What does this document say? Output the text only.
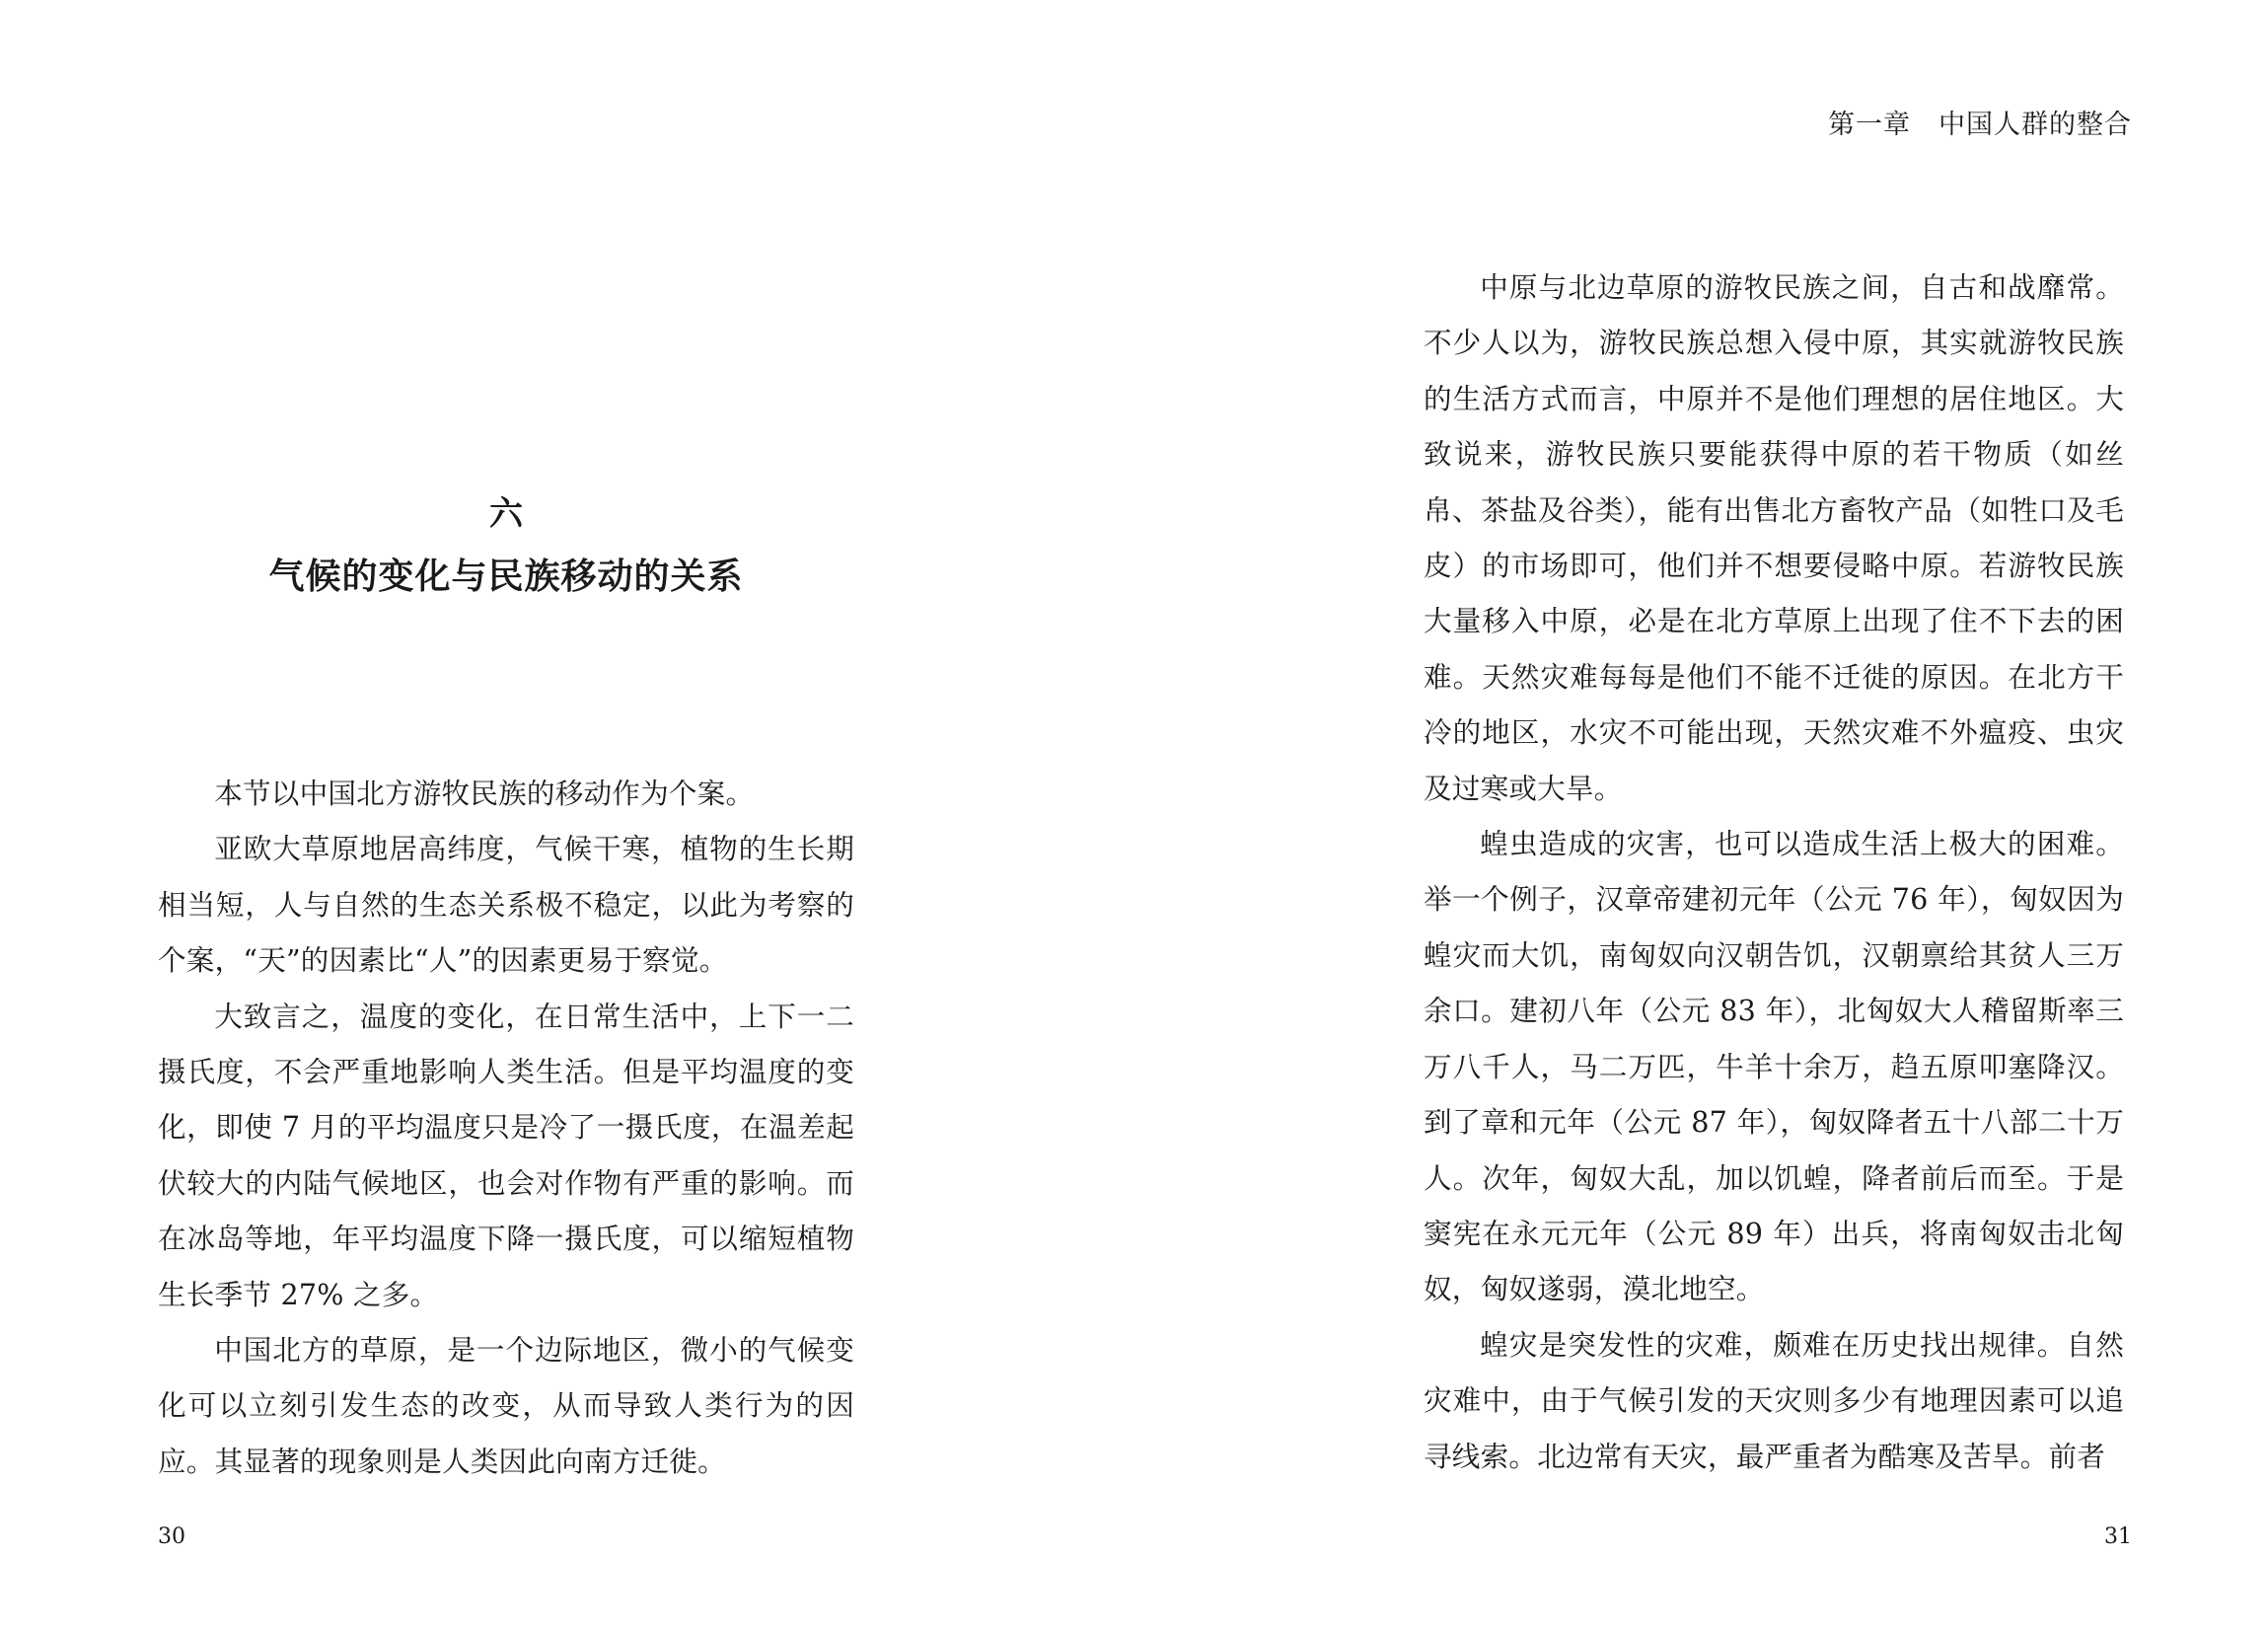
六
气候的变化与民族移动的关系

本节以中国北方游牧民族的移动作为个案。

亚欧大草原地居高纬度，气候干寒，植物的生长期相当短，人与自然的生态关系极不稳定，以此为考察的个案，“天”的因素比“人”的因素更易于察觉。

大致言之，温度的变化，在日常生活中，上下一二摄氏度，不会严重地影响人类生活。但是平均温度的变化，即使 7 月的平均温度只是冷了一摄氏度，在温差起伏较大的内陆气候地区，也会对作物有严重的影响。而在冰岛等地，年平均温度下降一摄氏度，可以缩短植物生长季节 27% 之多。

中国北方的草原，是一个边际地区，微小的气候变化可以立刻引发生态的改变，从而导致人类行为的因应。其显著的现象则是人类因此向南方迁徙。

30
第一章 中国人群的整合

中原与北边草原的游牧民族之间，自古和战靡常。不少人以为，游牧民族总想入侵中原，其实就游牧民族的生活方式而言，中原并不是他们理想的居住地区。大致说来，游牧民族只要能获得中原的若干物质（如丝帛、茶盐及谷类），能有出售北方畜牧产品（如牲口及毛皮）的市场即可，他们并不想要侵略中原。若游牧民族大量移入中原，必是在北方草原上出现了住不下去的困难。天然灾难每每是他们不能不迁徙的原因。在北方干冷的地区，水灾不可能出现，天然灾难不外瘟疫、虫灾及过寒或大旱。

蝗虫造成的灾害，也可以造成生活上极大的困难。举一个例子，汉章帝建初元年（公元 76 年），匈奴因为蝗灾而大饥，南匈奴向汉朝告饥，汉朝禀给其贫人三万余口。建初八年（公元 83 年），北匈奴大人稽留斯率三万八千人，马二万匹，牛羊十余万，趋五原叩塞降汉。到了章和元年（公元 87 年），匈奴降者五十八部二十万人。次年，匈奴大乱，加以饥蝗，降者前后而至。于是窦宪在永元元年（公元 89 年）出兵，将南匈奴击北匈奴，匈奴遂弱，漠北地空。

蝗灾是突发性的灾难，颇难在历史找出规律。自然灾难中，由于气候引发的天灾则多少有地理因素可以追寻线索。北边常有天灾，最严重者为酷寒及苦旱。前者

31
